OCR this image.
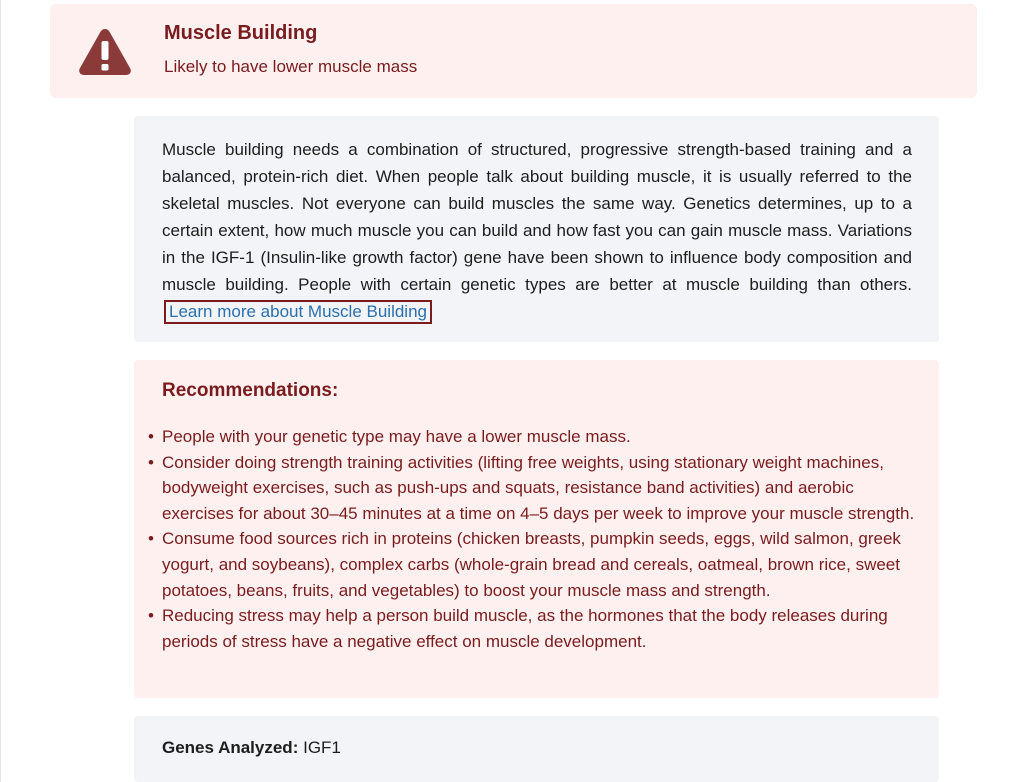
Muscle Building
Likely to have lower muscle mass

Muscle building needs a combination of structured, progressive strength-based training and a balanced, protein-rich diet. When people talk about building muscle, it is usually referred to the skeletal muscles. Not everyone can build muscles the same way. Genetics determines, up to a certain extent, how much muscle you can build and how fast you can gain muscle mass. Variations in the IGF-1 (Insulin-like growth factor) gene have been shown to influence body composition and muscle building. People with certain genetic types are better at muscle building than others. Learn more about Muscle Building

Recommendations:
• People with your genetic type may have a lower muscle mass.
• Consider doing strength training activities (lifting free weights, using stationary weight machines, bodyweight exercises, such as push-ups and squats, resistance band activities) and aerobic exercises for about 30–45 minutes at a time on 4–5 days per week to improve your muscle strength.
• Consume food sources rich in proteins (chicken breasts, pumpkin seeds, eggs, wild salmon, greek yogurt, and soybeans), complex carbs (whole-grain bread and cereals, oatmeal, brown rice, sweet potatoes, beans, fruits, and vegetables) to boost your muscle mass and strength.
• Reducing stress may help a person build muscle, as the hormones that the body releases during periods of stress have a negative effect on muscle development.
Genes Analyzed: IGF1
